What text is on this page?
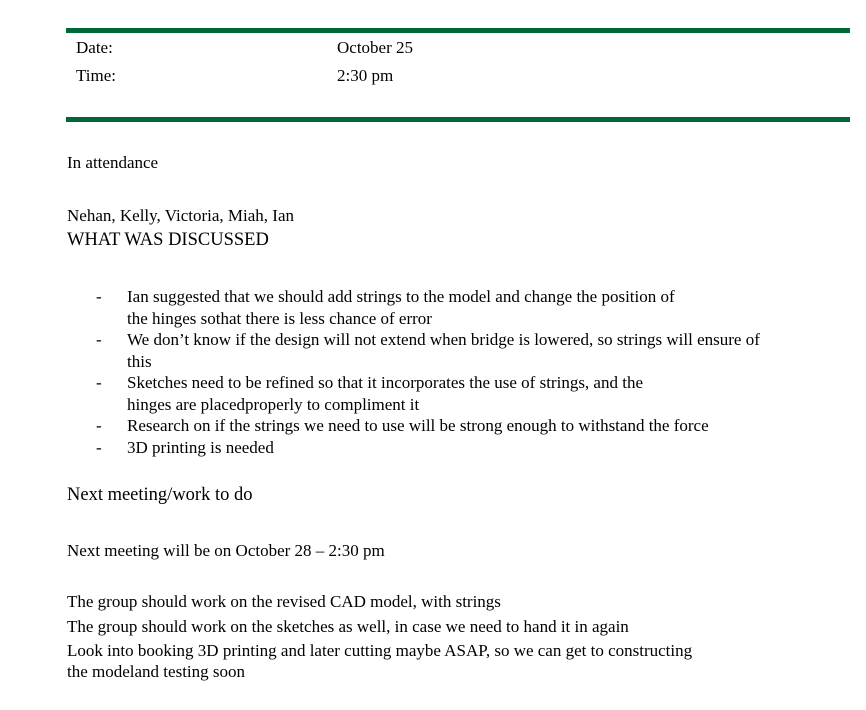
Date:	October 25
Time:	2:30 pm
In attendance
Nehan, Kelly, Victoria, Miah, Ian
WHAT WAS DISCUSSED
- Ian suggested that we should add strings to the model and change the position of
the hinges sothat there is less chance of error
- We don’t know if the design will not extend when bridge is lowered, so strings will ensure of
this
- Sketches need to be refined so that it incorporates the use of strings, and the
hinges are placedproperly to compliment it
- Research on if the strings we need to use will be strong enough to withstand the force
- 3D printing is needed
Next meeting/work to do
Next meeting will be on October 28 – 2:30 pm
The group should work on the revised CAD model, with strings
The group should work on the sketches as well, in case we need to hand it in again
Look into booking 3D printing and later cutting maybe ASAP, so we can get to constructing
the modeland testing soon
